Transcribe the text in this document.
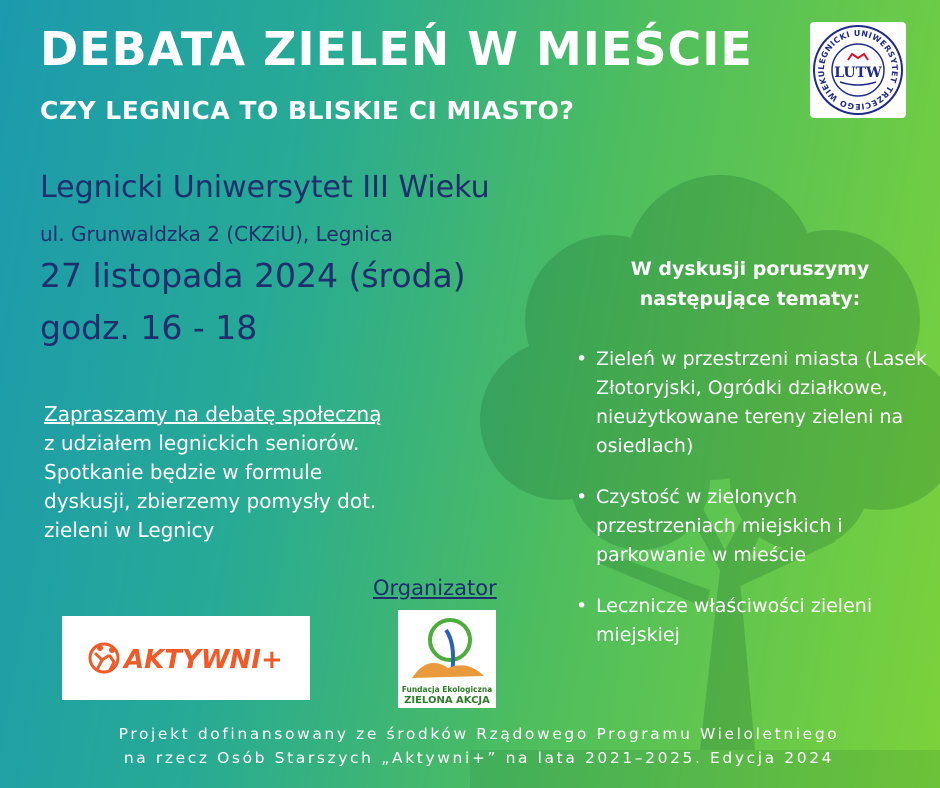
DEBATA ZIELEŃ W MIEŚCIE
CZY LEGNICA TO BLISKIE CI MIASTO?
LEGNICKI UNIWERSYTET TRZECIEGO WIEKU LUTW
Legnicki Uniwersytet III Wieku
ul. Grunwaldzka 2 (CKZiU), Legnica
27 listopada 2024 (środa)
godz. 16 - 18
Zapraszamy na debatę społeczną
z udziałem legnickich seniorów.
Spotkanie będzie w formule
dyskusji, zbierzemy pomysły dot.
zieleni w Legnicy
W dyskusji poruszymy
następujące tematy:
• Zieleń w przestrzeni miasta (Lasek Złotoryjski, Ogródki działkowe, nieużytkowane tereny zieleni na osiedlach)
• Czystość w zielonych przestrzeniach miejskich i parkowanie w mieście
• Lecznicze właściwości zieleni miejskiej
Organizator
AKTYWNI+
Fundacja Ekologiczna
ZIELONA AKCJA
Projekt dofinansowany ze środków Rządowego Programu Wieloletniego
na rzecz Osób Starszych „Aktywni+” na lata 2021–2025. Edycja 2024
